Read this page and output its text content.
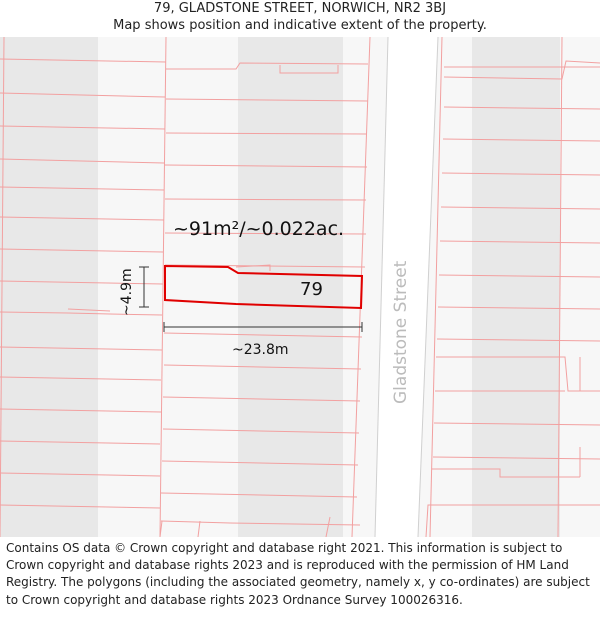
79, GLADSTONE STREET, NORWICH, NR2 3BJ
Map shows position and indicative extent of the property.
~91m²/~0.022ac.
79
~4.9m
~23.8m	Gladstone Street
Contains OS data © Crown copyright and database right 2021. This information is subject to Crown copyright and database rights 2023 and is reproduced with the permission of HM Land Registry. The polygons (including the associated geometry, namely x, y co-ordinates) are subject to Crown copyright and database rights 2023 Ordnance Survey 100026316.
